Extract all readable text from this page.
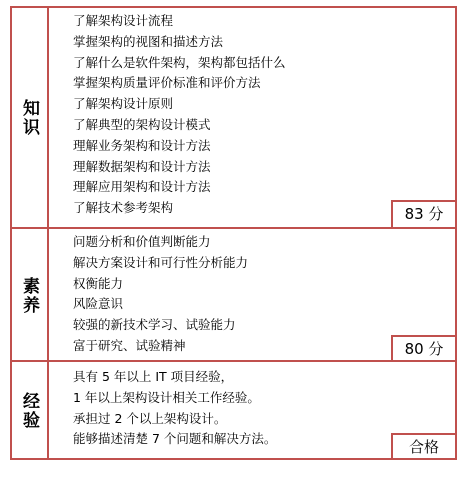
知识
了解架构设计流程
掌握架构的视图和描述方法
了解什么是软件架构，架构都包括什么
掌握架构质量评价标准和评价方法
了解架构设计原则
了解典型的架构设计模式
理解业务架构和设计方法
理解数据架构和设计方法
理解应用架构和设计方法
了解技术参考架构	83 分
素养
问题分析和价值判断能力
解决方案设计和可行性分析能力
权衡能力
风险意识
较强的新技术学习、试验能力
富于研究、试验精神	80 分
经验
具有 5 年以上 IT 项目经验，
1 年以上架构设计相关工作经验。
承担过 2 个以上架构设计。
能够描述清楚 7 个问题和解决方法。	合格
